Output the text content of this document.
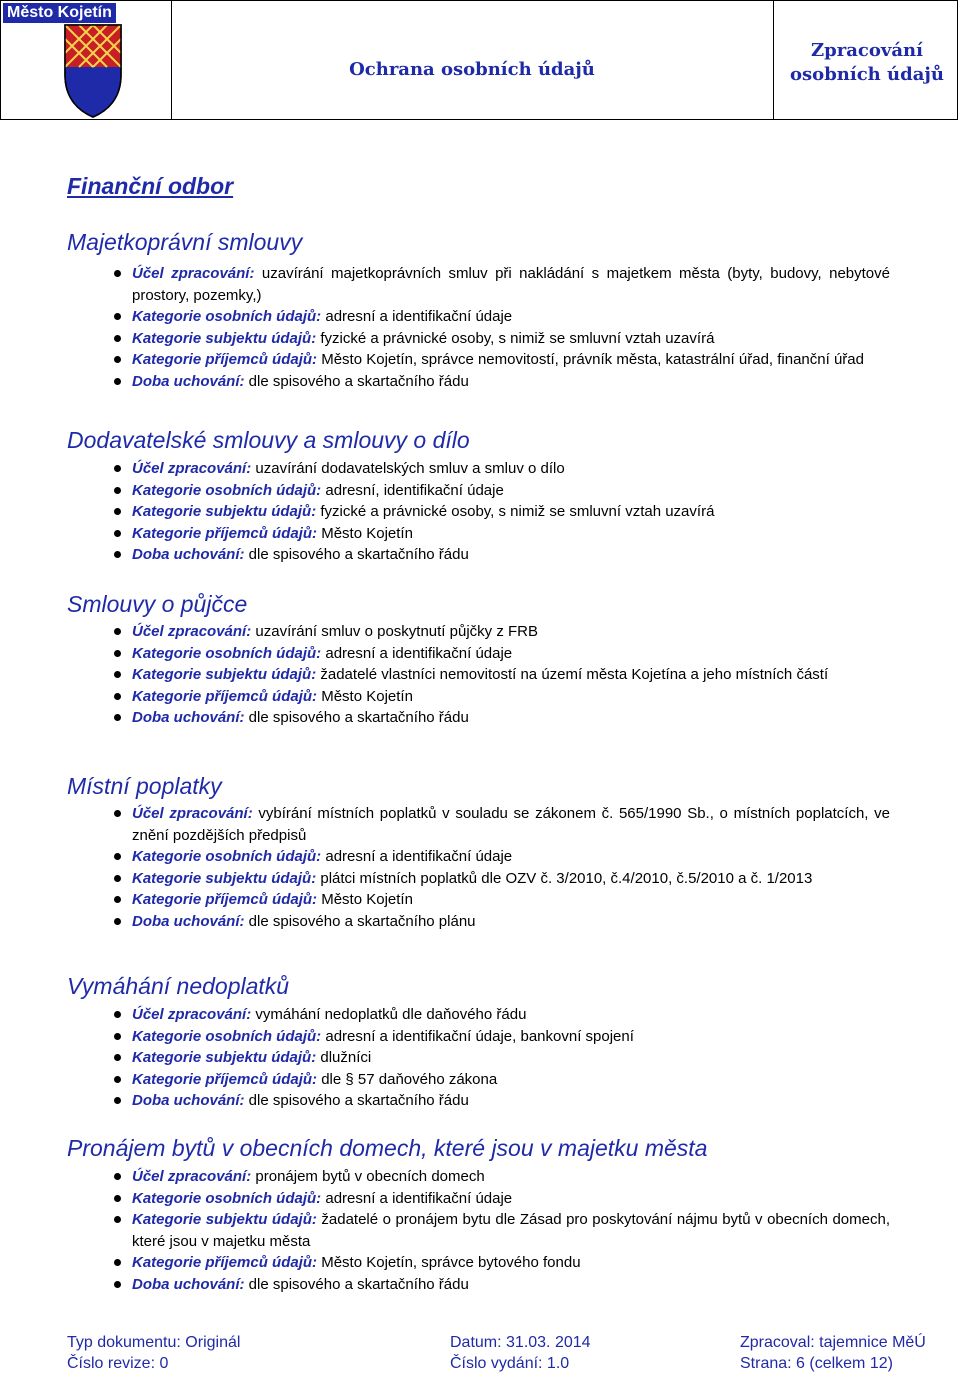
Město Kojetín
Ochrana osobních údajů
Zpracování
osobních údajů
Finanční odbor
Majetkoprávní smlouvy
Účel zpracování: uzavírání majetkoprávních smluv při nakládání s majetkem města (byty, budovy, nebytové prostory, pozemky,)
Kategorie osobních údajů: adresní a identifikační údaje
Kategorie subjektu údajů: fyzické a právnické osoby, s nimiž se smluvní vztah uzavírá
Kategorie příjemců údajů: Město Kojetín, správce nemovitostí, právník města, katastrální úřad, finanční úřad
Doba uchování: dle spisového a skartačního řádu
Dodavatelské smlouvy a smlouvy o dílo
Účel zpracování: uzavírání dodavatelských smluv a smluv o dílo
Kategorie osobních údajů: adresní, identifikační údaje
Kategorie subjektu údajů: fyzické a právnické osoby, s nimiž se smluvní vztah uzavírá
Kategorie příjemců údajů: Město Kojetín
Doba uchování: dle spisového a skartačního řádu
Smlouvy o půjčce
Účel zpracování: uzavírání smluv o poskytnutí půjčky z FRB
Kategorie osobních údajů: adresní a identifikační údaje
Kategorie subjektu údajů: žadatelé vlastníci nemovitostí na území města Kojetína a jeho místních částí
Kategorie příjemců údajů: Město Kojetín
Doba uchování: dle spisového a skartačního řádu
Místní poplatky
Účel zpracování: vybírání místních poplatků v souladu se zákonem č. 565/1990 Sb., o místních poplatcích, ve znění pozdějších předpisů
Kategorie osobních údajů: adresní a identifikační údaje
Kategorie subjektu údajů: plátci místních poplatků dle OZV č. 3/2010, č.4/2010, č.5/2010 a č. 1/2013
Kategorie příjemců údajů: Město Kojetín
Doba uchování: dle spisového a skartačního plánu
Vymáhání nedoplatků
Účel zpracování: vymáhání nedoplatků dle daňového řádu
Kategorie osobních údajů: adresní a identifikační údaje, bankovní spojení
Kategorie subjektu údajů: dlužníci
Kategorie příjemců údajů: dle § 57 daňového zákona
Doba uchování: dle spisového a skartačního řádu
Pronájem bytů v obecních domech, které jsou v majetku města
Účel zpracování: pronájem bytů v obecních domech
Kategorie osobních údajů: adresní a identifikační údaje
Kategorie subjektu údajů: žadatelé o pronájem bytu dle Zásad pro poskytování nájmu bytů v obecních domech, které jsou v majetku města
Kategorie příjemců údajů: Město Kojetín, správce bytového fondu
Doba uchování: dle spisového a skartačního řádu
Typ dokumentu: Originál	Datum: 31.03. 2014	Zpracoval: tajemnice MěÚ
Číslo revize: 0	Číslo vydání: 1.0	Strana: 6 (celkem 12)
